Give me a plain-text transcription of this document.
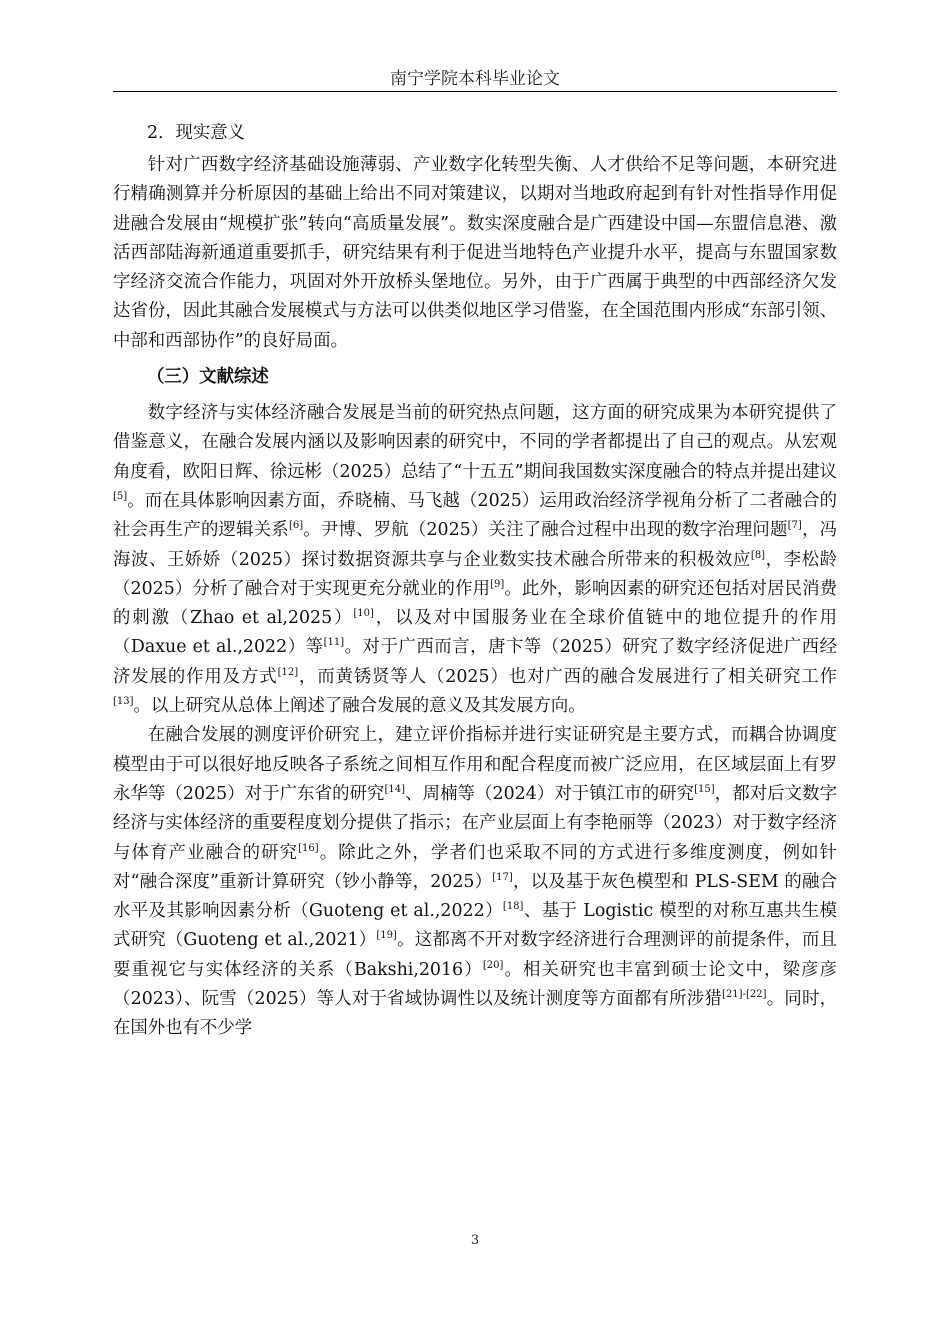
南宁学院本科毕业论文
2．现实意义

针对广西数字经济基础设施薄弱、产业数字化转型失衡、人才供给不足等问题，本研究进行精确测算并分析原因的基础上给出不同对策建议，以期对当地政府起到有针对性指导作用促进融合发展由“规模扩张”转向“高质量发展”。数实深度融合是广西建设中国—东盟信息港、激活西部陆海新通道重要抓手，研究结果有利于促进当地特色产业提升水平，提高与东盟国家数字经济交流合作能力，巩固对外开放桥头堡地位。另外，由于广西属于典型的中西部经济欠发达省份，因此其融合发展模式与方法可以供类似地区学习借鉴，在全国范围内形成“东部引领、中部和西部协作”的良好局面。

（三）文献综述

数字经济与实体经济融合发展是当前的研究热点问题，这方面的研究成果为本研究提供了借鉴意义，在融合发展内涵以及影响因素的研究中，不同的学者都提出了自己的观点。从宏观角度看，欧阳日辉、徐远彬（2025）总结了“十五五”期间我国数实深度融合的特点并提出建议[5]。而在具体影响因素方面，乔晓楠、马飞越（2025）运用政治经济学视角分析了二者融合的社会再生产的逻辑关系[6]。尹博、罗航（2025）关注了融合过程中出现的数字治理问题[7]，冯海波、王娇娇（2025）探讨数据资源共享与企业数实技术融合所带来的积极效应[8]，李松龄（2025）分析了融合对于实现更充分就业的作用[9]。此外，影响因素的研究还包括对居民消费的刺激（Zhao et al,2025）[10]，以及对中国服务业在全球价值链中的地位提升的作用（Daxue et al.,2022）等[11]。对于广西而言，唐卞等（2025）研究了数字经济促进广西经济发展的作用及方式[12]，而黄锈贤等人（2025）也对广西的融合发展进行了相关研究工作[13]。以上研究从总体上阐述了融合发展的意义及其发展方向。

在融合发展的测度评价研究上，建立评价指标并进行实证研究是主要方式，而耦合协调度模型由于可以很好地反映各子系统之间相互作用和配合程度而被广泛应用，在区域层面上有罗永华等（2025）对于广东省的研究[14]、周楠等（2024）对于镇江市的研究[15]，都对后文数字经济与实体经济的重要程度划分提供了指示；在产业层面上有李艳丽等（2023）对于数字经济与体育产业融合的研究[16]。除此之外，学者们也采取不同的方式进行多维度测度，例如针对“融合深度”重新计算研究（钞小静等，2025）[17]，以及基于灰色模型和 PLS-SEM 的融合水平及其影响因素分析（Guoteng et al.,2022）[18]、基于 Logistic 模型的对称互惠共生模式研究（Guoteng et al.,2021）[19]。这都离不开对数字经济进行合理测评的前提条件，而且要重视它与实体经济的关系（Bakshi,2016）[20]。相关研究也丰富到硕士论文中，梁彦彦（2023）、阮雪（2025）等人对于省域协调性以及统计测度等方面都有所涉猎[21]-[22]。同时，在国外也有不少学

3
